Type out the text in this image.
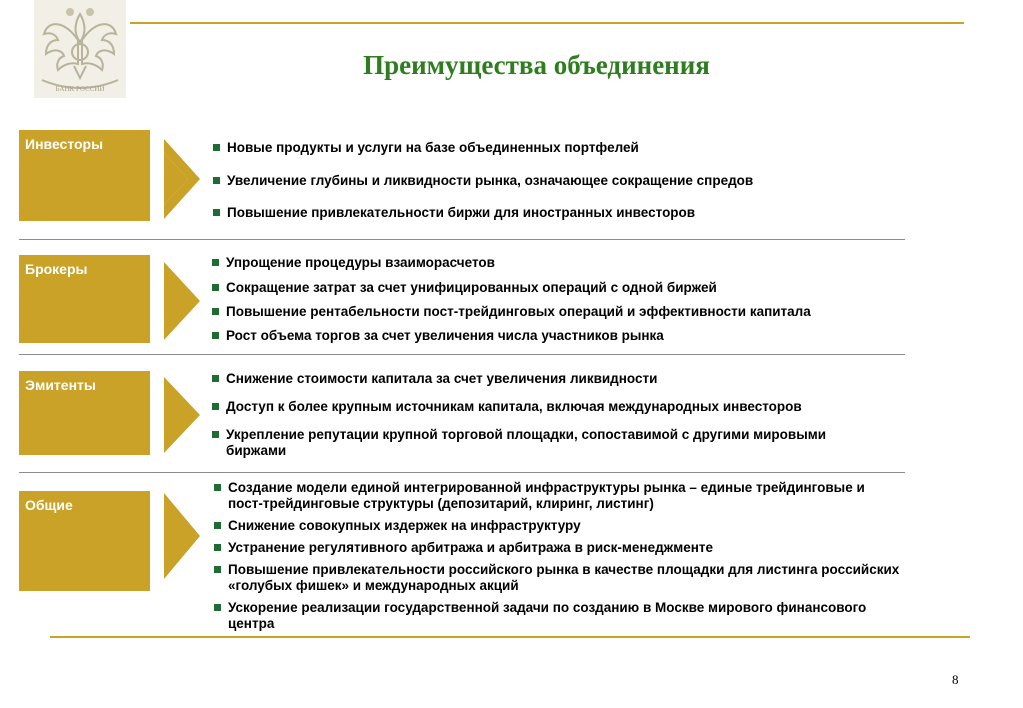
БАНК РОССИИ
Преимущества объединения
Инвесторы	Новые продукты и услуги на базе объединенных портфелей
Увеличение глубины и ликвидности рынка, означающее сокращение спредов
Повышение привлекательности биржи для иностранных инвесторов
Брокеры	Упрощение процедуры взаиморасчетов
Сокращение затрат за счет унифицированных операций с одной биржей
Повышение рентабельности пост-трейдинговых операций и эффективности капитала
Рост объема торгов за счет увеличения числа участников рынка
Эмитенты	Снижение стоимости капитала за счет увеличения ликвидности
Доступ к более крупным источникам капитала, включая международных инвесторов
Укрепление репутации крупной торговой площадки, сопоставимой с другими мировыми биржами
Общие
Создание модели единой интегрированной инфраструктуры рынка – единые трейдинговые и пост-трейдинговые структуры (депозитарий, клиринг, листинг)
Снижение совокупных издержек на инфраструктуру
Устранение регулятивного арбитража и арбитража в риск-менеджменте
Повышение привлекательности российского рынка в качестве площадки для листинга российских «голубых фишек» и международных акций
Ускорение реализации государственной задачи по созданию в Москве мирового финансового центра
8
